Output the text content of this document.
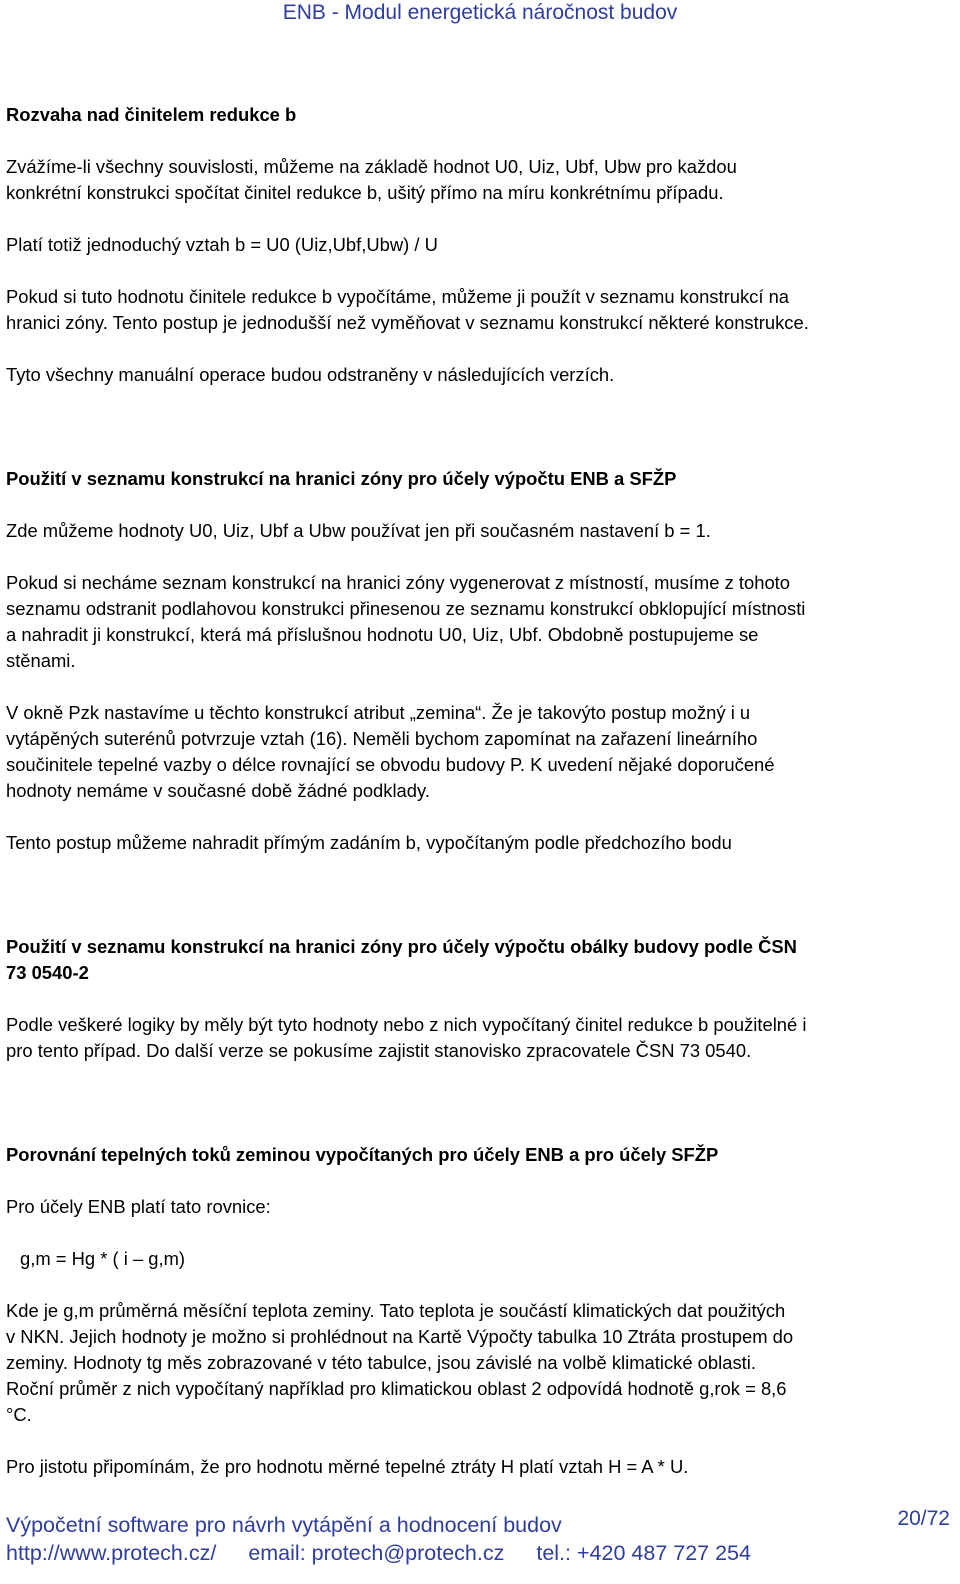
ENB - Modul energetická náročnost budov

Rozvaha nad činitelem redukce b

Zvážíme-li všechny souvislosti, můžeme na základě hodnot U0, Uiz, Ubf, Ubw pro každou

konkrétní konstrukci spočítat činitel redukce b, ušitý přímo na míru konkrétnímu případu.

Platí totiž jednoduchý vztah b = U0 (Uiz,Ubf,Ubw) / U

Pokud si tuto hodnotu činitele redukce b vypočítáme, můžeme ji použít v seznamu konstrukcí na

hranici zóny. Tento postup je jednodušší než vyměňovat v seznamu konstrukcí některé konstrukce.

Tyto všechny manuální operace budou odstraněny v následujících verzích.

Použití v seznamu konstrukcí na hranici zóny pro účely výpočtu ENB a SFŽP

Zde můžeme hodnoty U0, Uiz, Ubf a Ubw používat jen při současném nastavení b = 1.

Pokud si necháme seznam konstrukcí na hranici zóny vygenerovat z místností, musíme z tohoto

seznamu odstranit podlahovou konstrukci přinesenou ze seznamu konstrukcí obklopující místnosti

a nahradit ji konstrukcí, která má příslušnou hodnotu U0, Uiz, Ubf. Obdobně postupujeme se

stěnami.

V okně Pzk nastavíme u těchto konstrukcí atribut „zemina“. Že je takovýto postup možný i u

vytápěných suterénů potvrzuje vztah (16). Neměli bychom zapomínat na zařazení lineárního

součinitele tepelné vazby o délce rovnající se obvodu budovy P. K uvedení nějaké doporučené

hodnoty nemáme v současné době žádné podklady.

Tento postup můžeme nahradit přímým zadáním b, vypočítaným podle předchozího bodu

Použití v seznamu konstrukcí na hranici zóny pro účely výpočtu obálky budovy podle ČSN

73 0540-2

Podle veškeré logiky by měly být tyto hodnoty nebo z nich vypočítaný činitel redukce b použitelné i

pro tento případ. Do další verze se pokusíme zajistit stanovisko zpracovatele ČSN 73 0540.

Porovnání tepelných toků zeminou vypočítaných pro účely ENB a pro účely SFŽP

Pro účely ENB platí tato rovnice:

g,m = Hg * ( i – g,m)

Kde je g,m průměrná měsíční teplota zeminy. Tato teplota je součástí klimatických dat použitých

v NKN. Jejich hodnoty je možno si prohlédnout na Kartě Výpočty tabulka 10 Ztráta prostupem do

zeminy. Hodnoty tg měs zobrazované v této tabulce, jsou závislé na volbě klimatické oblasti.

Roční průměr z nich vypočítaný například pro klimatickou oblast 2 odpovídá hodnotě g,rok = 8,6

°C.

Pro jistotu připomínám, že pro hodnotu měrné tepelné ztráty H platí vztah H = A * U.

Výpočetní software pro návrh vytápění a hodnocení budov	20/72
http://www.protech.cz/ email: protech@protech.cz tel.: +420 487 727 254
